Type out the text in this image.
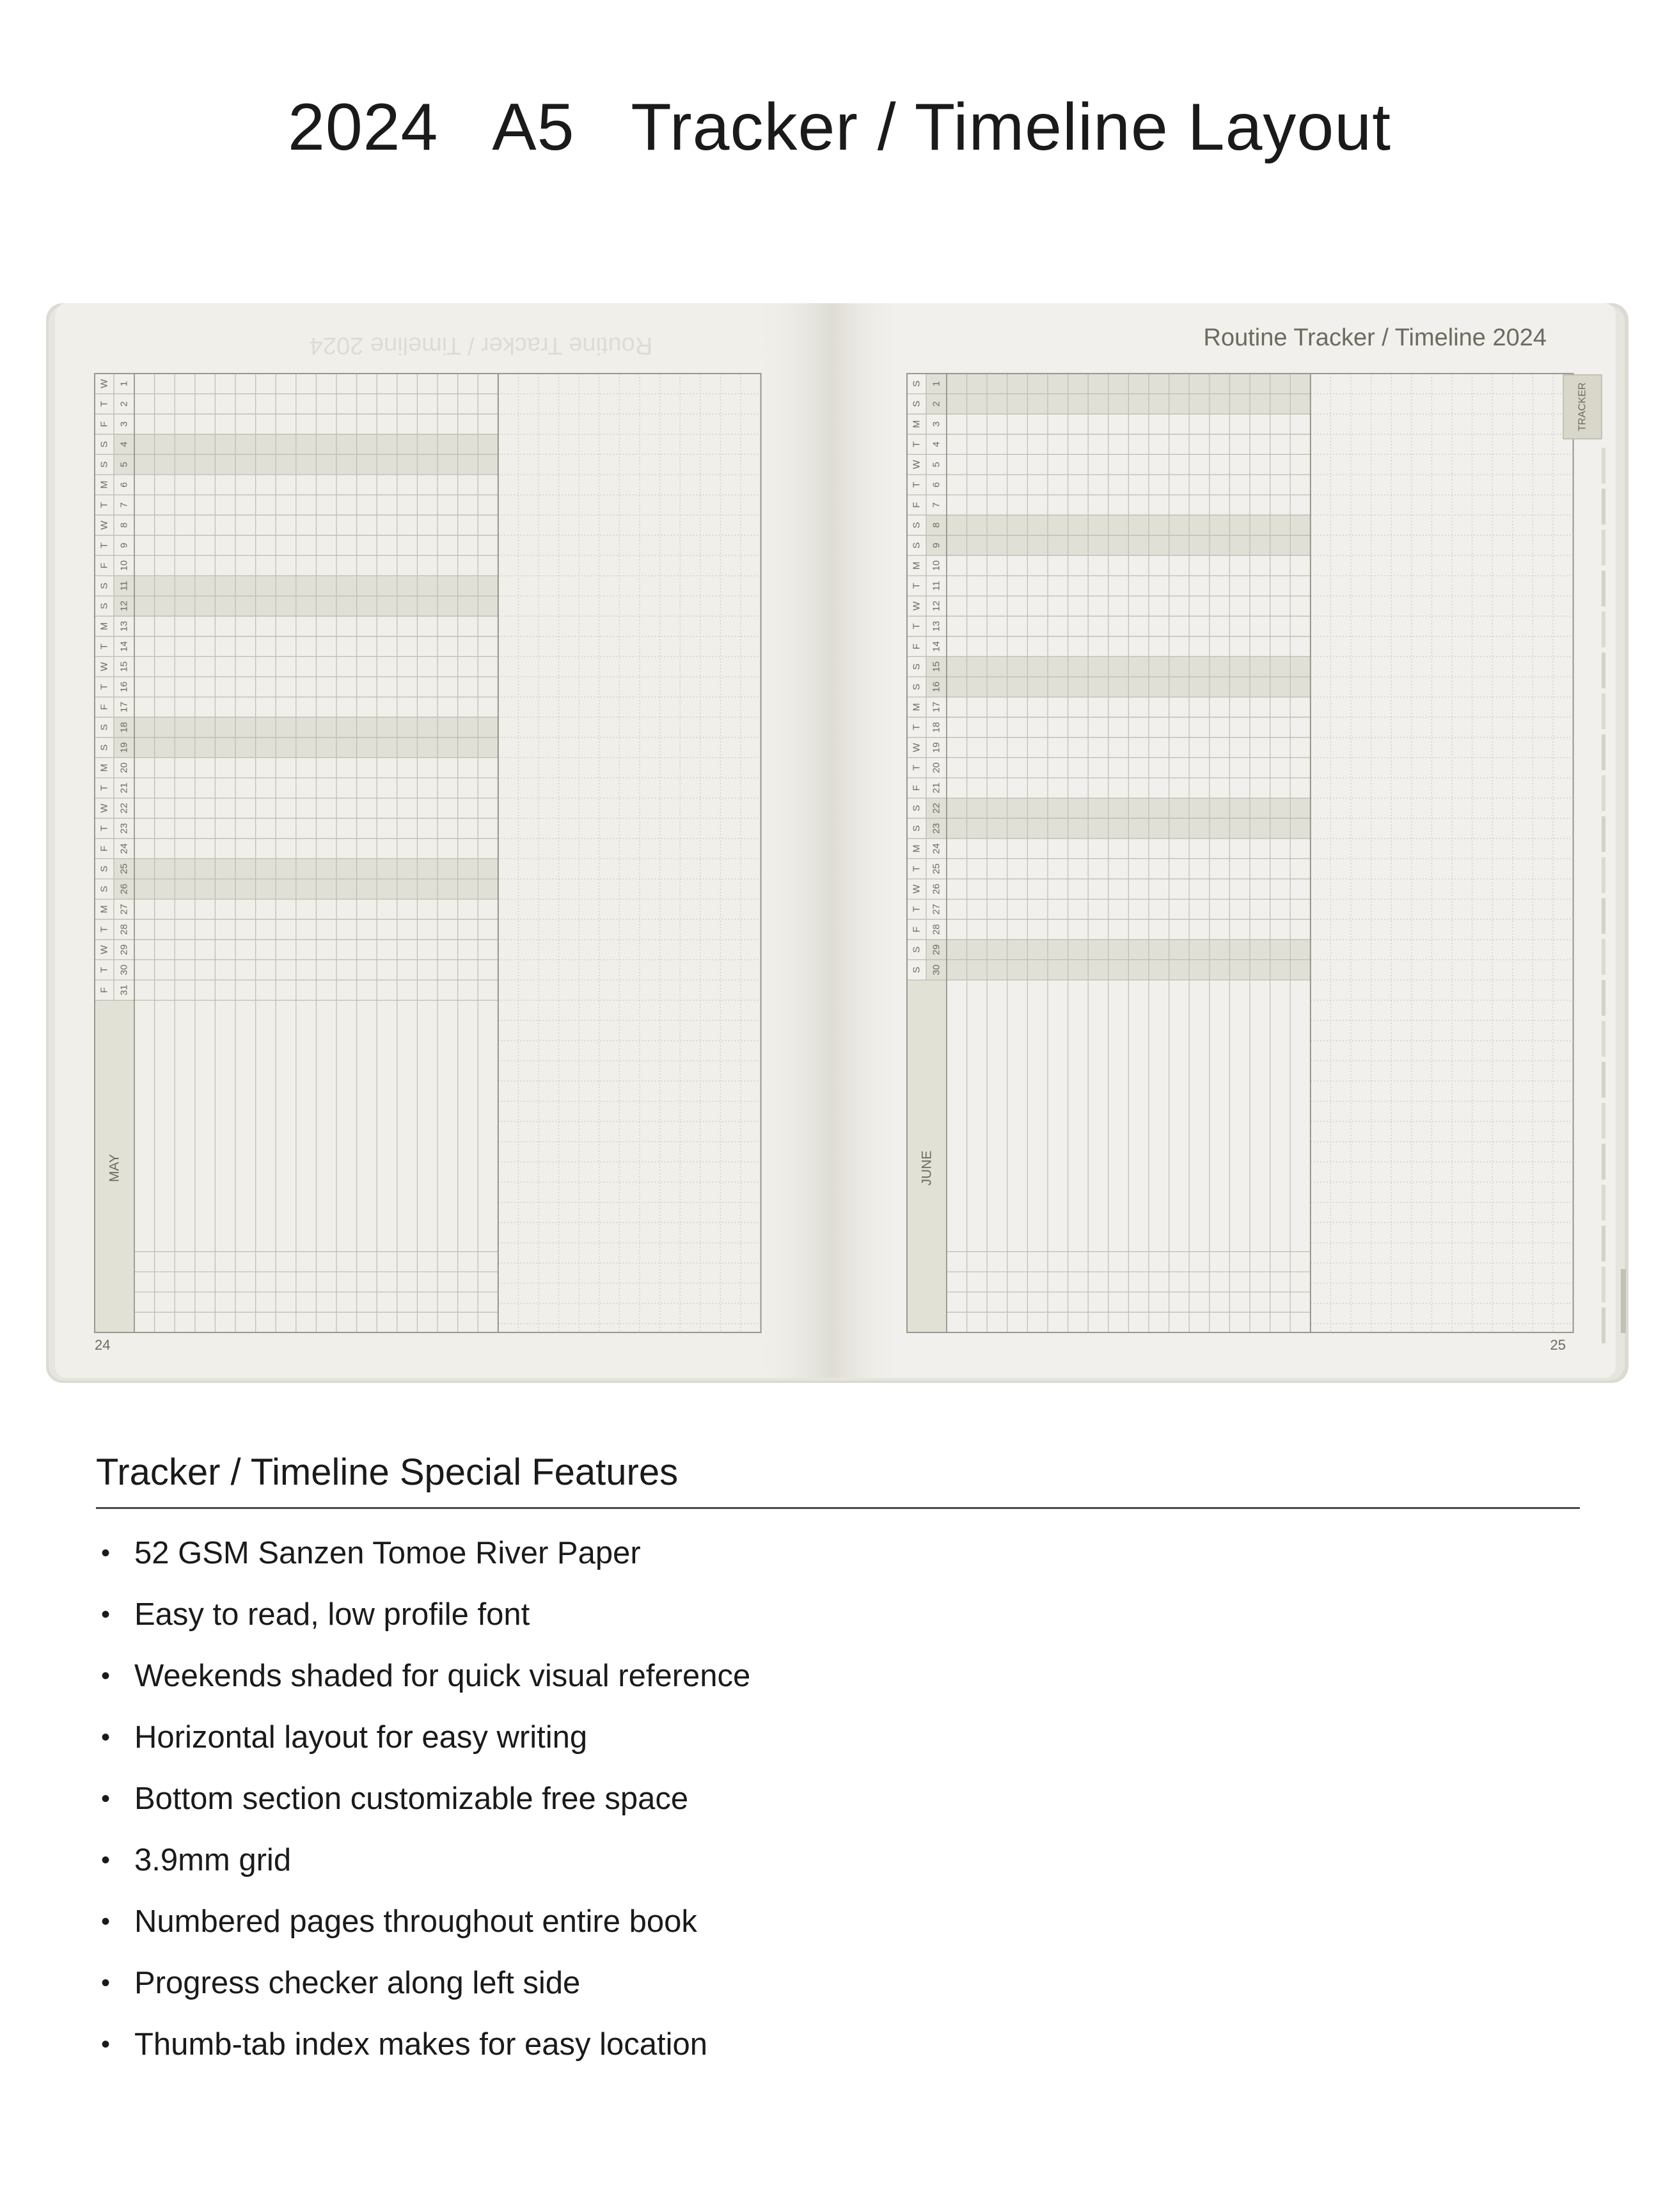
2024   A5   Tracker / Timeline Layout
W 1
T 2
F 3
S 4
S 5
M 6
T 7
W 8
T 9
F 10
S 11
S 12
M 13
T 14
W 15
T 16
F 17
S 18
S 19
M 20
T 21
W 22
T 23
F 24
S 25
S 26
M 27
T 28
W 29
T 30
F 31
MAY
S 1
S 2
M 3
T 4
W 5
T 6
F 7
S 8
S 9
M 10
T 11
W 12
T 13
F 14
S 15
S 16
M 17
T 18
W 19
T 20
F 21
S 22
S 23
M 24
T 25
W 26
T 27
F 28
S 29
S 30
JUNE
TRACKER
Routine Tracker / Timeline 2024	Routine Tracker / Timeline 2024
24	25
Tracker / Timeline Special Features
• 52 GSM Sanzen Tomoe River Paper
• Easy to read, low profile font
• Weekends shaded for quick visual reference
• Horizontal layout for easy writing
• Bottom section customizable free space
• 3.9mm grid
• Numbered pages throughout entire book
• Progress checker along left side
• Thumb-tab index makes for easy location
